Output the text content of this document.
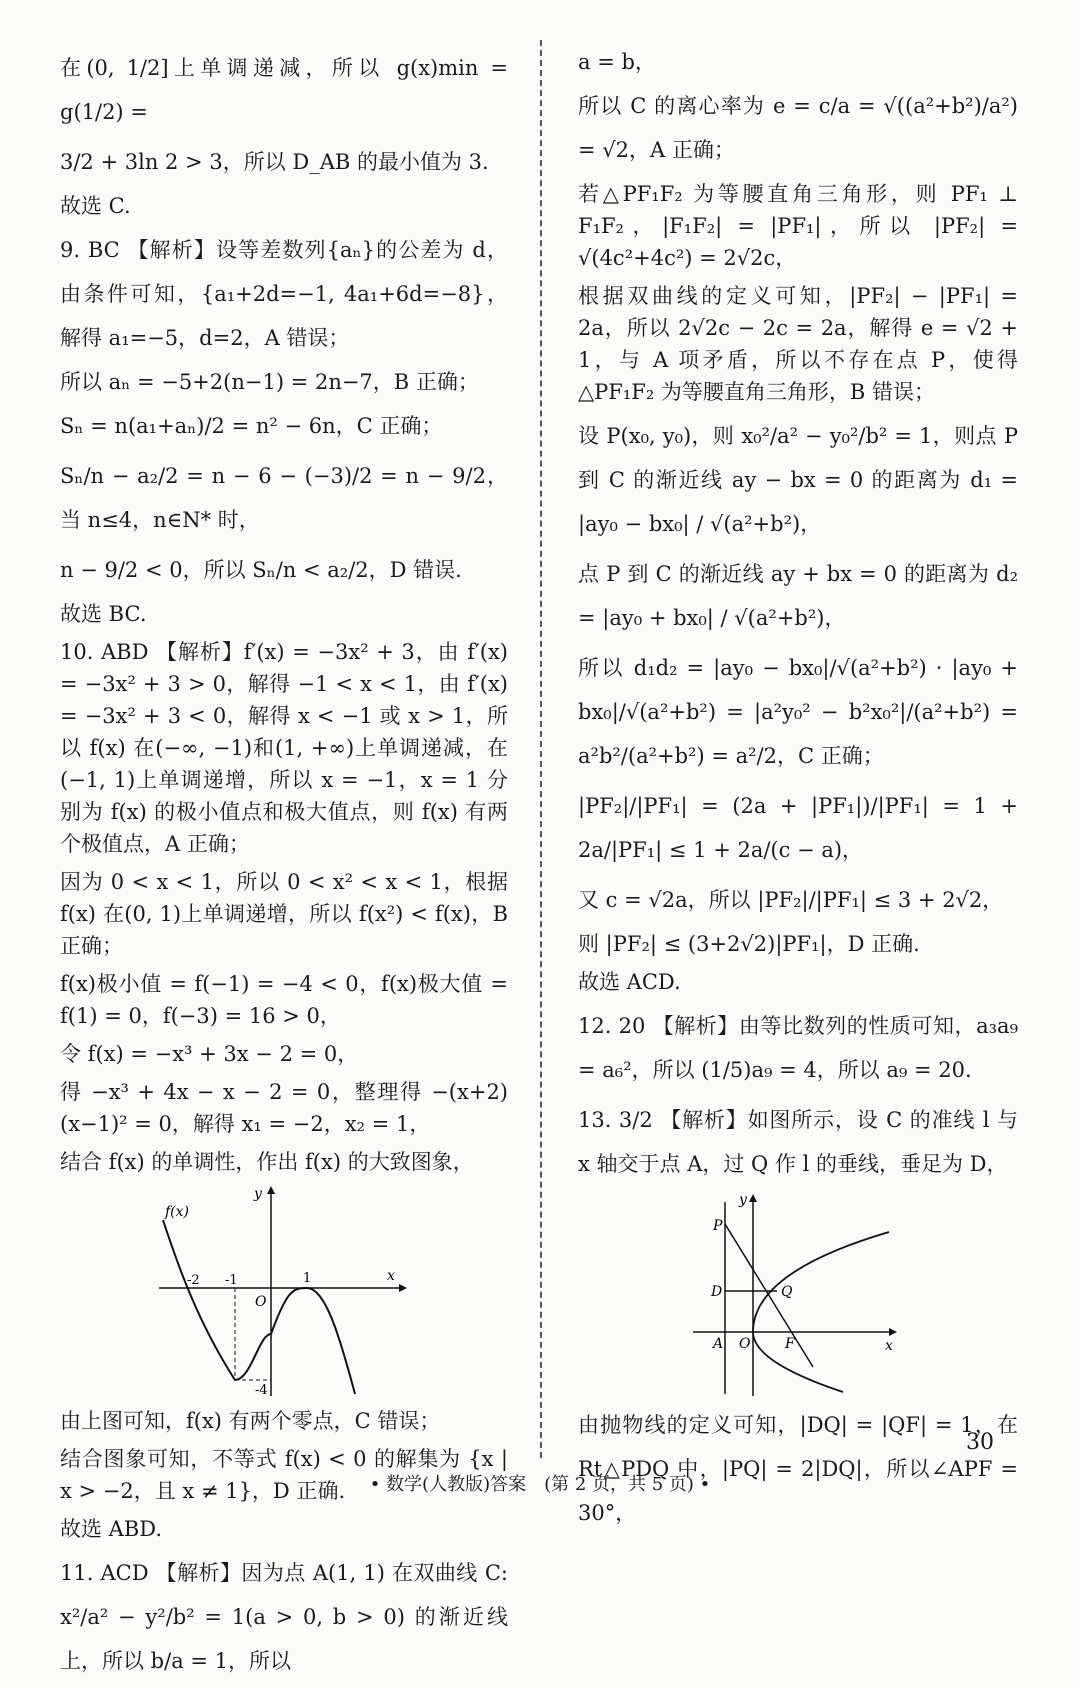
在(0, 1/2]上单调递减，所以 g(x)min = g(1/2) =

3/2 + 3ln 2 > 3，所以 D_AB 的最小值为 3.

故选 C.

9. BC 【解析】设等差数列{aₙ}的公差为 d，由条件可知，{a₁+2d=−1, 4a₁+6d=−8}，解得 a₁=−5，d=2，A 错误；

所以 aₙ = −5+2(n−1) = 2n−7，B 正确；

Sₙ = n(a₁+aₙ)/2 = n² − 6n，C 正确；

Sₙ/n − a₂/2 = n − 6 − (−3)/2 = n − 9/2，当 n≤4，n∈N* 时，

n − 9/2 < 0，所以 Sₙ/n < a₂/2，D 错误.

故选 BC.

10. ABD 【解析】f′(x) = −3x² + 3，由 f′(x) = −3x² + 3 > 0，解得 −1 < x < 1，由 f′(x) = −3x² + 3 < 0，解得 x < −1 或 x > 1，所以 f(x) 在(−∞, −1)和(1, +∞)上单调递减，在(−1, 1)上单调递增，所以 x = −1，x = 1 分别为 f(x) 的极小值点和极大值点，则 f(x) 有两个极值点，A 正确；

因为 0 < x < 1，所以 0 < x² < x < 1，根据 f(x) 在(0, 1)上单调递增，所以 f(x²) < f(x)，B 正确；

f(x)极小值 = f(−1) = −4 < 0，f(x)极大值 = f(1) = 0，f(−3) = 16 > 0，

令 f(x) = −x³ + 3x − 2 = 0，

得 −x³ + 4x − x − 2 = 0，整理得 −(x+2)(x−1)² = 0，解得 x₁ = −2，x₂ = 1，

结合 f(x) 的单调性，作出 f(x) 的大致图象，

f(x)
x
y
O
-2 -1	1
-4

由上图可知，f(x) 有两个零点，C 错误；

结合图象可知，不等式 f(x) < 0 的解集为 {x | x > −2，且 x ≠ 1}，D 正确.

故选 ABD.

11. ACD 【解析】因为点 A(1, 1) 在双曲线 C: x²/a² − y²/b² = 1(a > 0, b > 0) 的渐近线上，所以 b/a = 1，所以

a = b，

所以 C 的离心率为 e = c/a = √((a²+b²)/a²) = √2，A 正确；

若△PF₁F₂ 为等腰直角三角形，则 PF₁ ⊥ F₁F₂，|F₁F₂| = |PF₁|，所以 |PF₂| = √(4c²+4c²) = 2√2c，

根据双曲线的定义可知，|PF₂| − |PF₁| = 2a，所以 2√2c − 2c = 2a，解得 e = √2 + 1，与 A 项矛盾，所以不存在点 P，使得△PF₁F₂ 为等腰直角三角形，B 错误；

设 P(x₀, y₀)，则 x₀²/a² − y₀²/b² = 1，则点 P 到 C 的渐近线 ay − bx = 0 的距离为 d₁ = |ay₀ − bx₀| / √(a²+b²)，

点 P 到 C 的渐近线 ay + bx = 0 的距离为 d₂ = |ay₀ + bx₀| / √(a²+b²)，

所以 d₁d₂ = |ay₀ − bx₀|/√(a²+b²) · |ay₀ + bx₀|/√(a²+b²) = |a²y₀² − b²x₀²|/(a²+b²) = a²b²/(a²+b²) = a²/2，C 正确；

|PF₂|/|PF₁| = (2a + |PF₁|)/|PF₁| = 1 + 2a/|PF₁| ≤ 1 + 2a/(c − a)，

又 c = √2a，所以 |PF₂|/|PF₁| ≤ 3 + 2√2，

则 |PF₂| ≤ (3+2√2)|PF₁|，D 正确.

故选 ACD.

12. 20 【解析】由等比数列的性质可知，a₃a₉ = a₆²，所以 (1/5)a₉ = 4，所以 a₉ = 20.

13. 3/2 【解析】如图所示，设 C 的准线 l 与 x 轴交于点 A，过 Q 作 l 的垂线，垂足为 D，

P
D	Q
A O F	x
y

由抛物线的定义可知，|DQ| = |QF| = 1，在 Rt△PDQ 中，|PQ| = 2|DQ|，所以∠APF = 30°，

30
• 数学(人教版)答案　(第 2 页，共 5 页) •
